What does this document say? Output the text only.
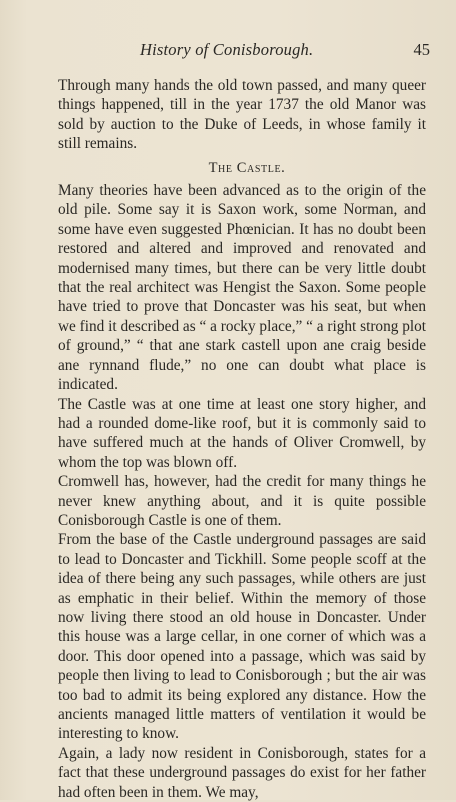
History of Conisborough.	45

Through many hands the old town passed, and many queer things happened, till in the year 1737 the old Manor was sold by auction to the Duke of Leeds, in whose family it still remains.

The Castle.

Many theories have been advanced as to the origin of the old pile. Some say it is Saxon work, some Norman, and some have even suggested Phœnician. It has no doubt been restored and altered and improved and renovated and modernised many times, but there can be very little doubt that the real architect was Hengist the Saxon. Some people have tried to prove that Doncaster was his seat, but when we find it described as “ a rocky place,” “ a right strong plot of ground,” “ that ane stark castell upon ane craig beside ane rynnand flude,” no one can doubt what place is indicated.

The Castle was at one time at least one story higher, and had a rounded dome-like roof, but it is commonly said to have suffered much at the hands of Oliver Cromwell, by whom the top was blown off.

Cromwell has, however, had the credit for many things he never knew anything about, and it is quite possible Conisborough Castle is one of them.

From the base of the Castle underground passages are said to lead to Doncaster and Tickhill. Some people scoff at the idea of there being any such passages, while others are just as emphatic in their belief. Within the memory of those now living there stood an old house in Doncaster. Under this house was a large cellar, in one corner of which was a door. This door opened into a passage, which was said by people then living to lead to Conisborough ; but the air was too bad to admit its being explored any distance. How the ancients managed little matters of ventilation it would be interesting to know.

Again, a lady now resident in Conisborough, states for a fact that these underground passages do exist for her father had often been in them. We may,
